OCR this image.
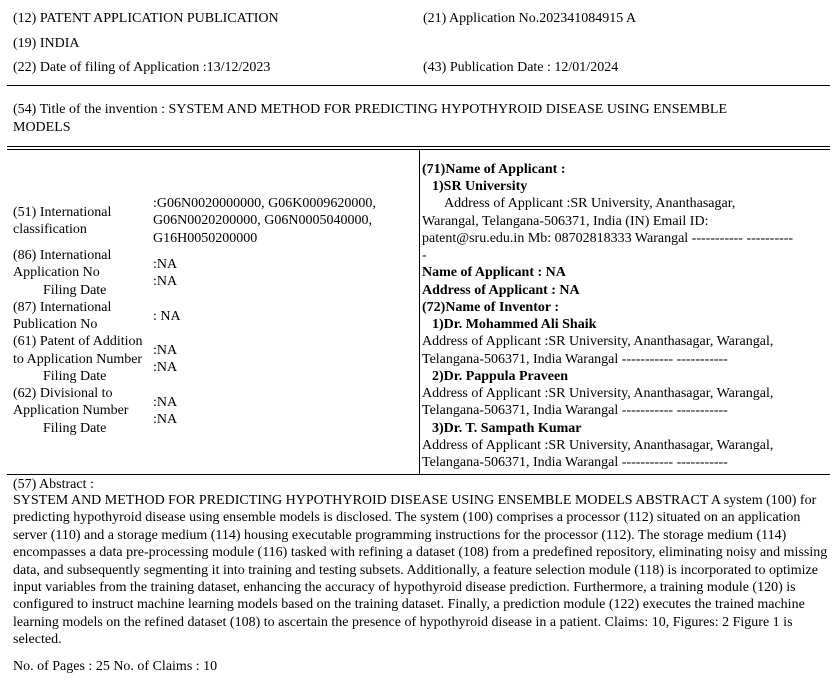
(12) PATENT APPLICATION PUBLICATION
(19) INDIA
(22) Date of filing of Application :13/12/2023
(21) Application No.202341084915 A
(43) Publication Date : 12/01/2024
(54) Title of the invention : SYSTEM AND METHOD FOR PREDICTING HYPOTHYROID DISEASE USING ENSEMBLE
MODELS
(51) International
classification
:G06N0020000000, G06K0009620000,
G06N0020200000, G06N0005040000,
G16H0050200000
(86) International
Application No
Filing Date
:NA
:NA
(87) International
Publication No
: NA
(61) Patent of Addition
to Application Number
Filing Date
:NA
:NA
(62) Divisional to
Application Number
Filing Date
:NA
:NA
(71)Name of Applicant :
1)SR University
Address of Applicant :SR University, Ananthasagar,
Warangal, Telangana-506371, India (IN) Email ID:
patent@sru.edu.in Mb: 08702818333 Warangal ----------- ----------
-
Name of Applicant : NA
Address of Applicant : NA
(72)Name of Inventor :
1)Dr. Mohammed Ali Shaik
Address of Applicant :SR University, Ananthasagar, Warangal,
Telangana-506371, India Warangal ----------- -----------
2)Dr. Pappula Praveen
Address of Applicant :SR University, Ananthasagar, Warangal,
Telangana-506371, India Warangal ----------- -----------
3)Dr. T. Sampath Kumar
Address of Applicant :SR University, Ananthasagar, Warangal,
Telangana-506371, India Warangal ----------- -----------
(57) Abstract :
SYSTEM AND METHOD FOR PREDICTING HYPOTHYROID DISEASE USING ENSEMBLE MODELS ABSTRACT A system (100) for predicting hypothyroid disease using ensemble models is disclosed. The system (100) comprises a processor (112) situated on an application server (110) and a storage medium (114) housing executable programming instructions for the processor (112). The storage medium (114) encompasses a data pre-processing module (116) tasked with refining a dataset (108) from a predefined repository, eliminating noisy and missing data, and subsequently segmenting it into training and testing subsets. Additionally, a feature selection module (118) is incorporated to optimize input variables from the training dataset, enhancing the accuracy of hypothyroid disease prediction. Furthermore, a training module (120) is configured to instruct machine learning models based on the training dataset. Finally, a prediction module (122) executes the trained machine learning models on the refined dataset (108) to ascertain the presence of hypothyroid disease in a patient. Claims: 10, Figures: 2 Figure 1 is selected.
No. of Pages : 25 No. of Claims : 10
